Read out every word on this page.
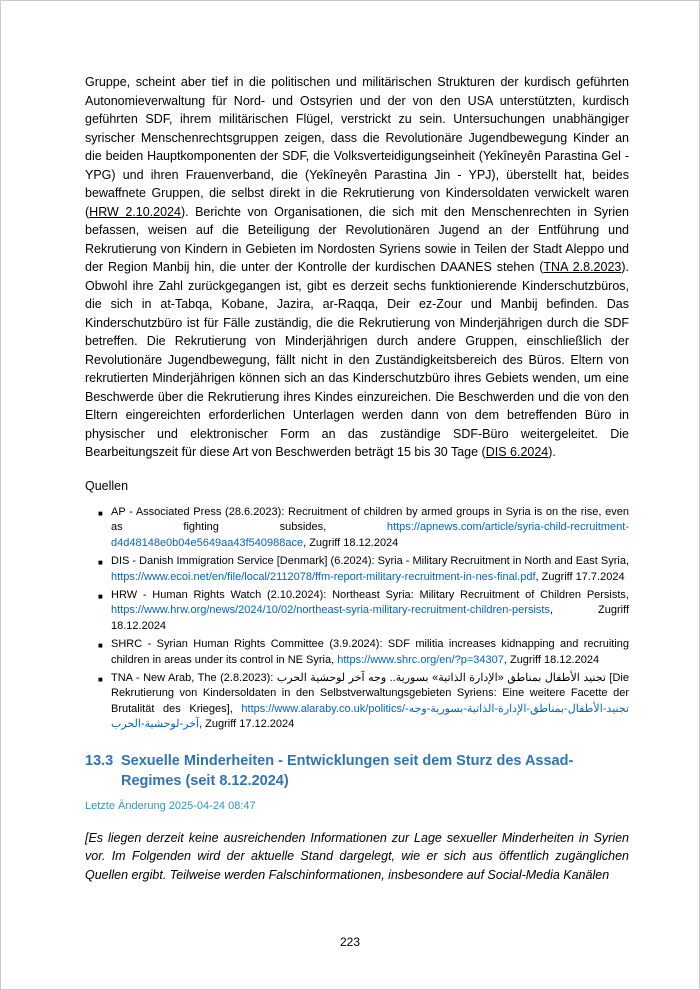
Gruppe, scheint aber tief in die politischen und militärischen Strukturen der kurdisch geführten Autonomieverwaltung für Nord- und Ostsyrien und der von den USA unterstützten, kurdisch geführten SDF, ihrem militärischen Flügel, verstrickt zu sein. Untersuchungen unabhängiger syrischer Menschenrechtsgruppen zeigen, dass die Revolutionäre Jugendbewegung Kinder an die beiden Hauptkomponenten der SDF, die Volksverteidigungseinheit (Yekîneyên Parastina Gel - YPG) und ihren Frauenverband, die (Yekîneyên Parastina Jin - YPJ), überstellt hat, beides bewaffnete Gruppen, die selbst direkt in die Rekrutierung von Kindersoldaten verwickelt waren (HRW 2.10.2024). Berichte von Organisationen, die sich mit den Menschenrechten in Syrien befassen, weisen auf die Beteiligung der Revolutionären Jugend an der Entführung und Rekrutierung von Kindern in Gebieten im Nordosten Syriens sowie in Teilen der Stadt Aleppo und der Region Manbij hin, die unter der Kontrolle der kurdischen DAANES stehen (TNA 2.8.2023). Obwohl ihre Zahl zurückgegangen ist, gibt es derzeit sechs funktionierende Kinderschutzbüros, die sich in at-Tabqa, Kobane, Jazira, ar-Raqqa, Deir ez-Zour und Manbij befinden. Das Kinderschutzbüro ist für Fälle zuständig, die die Rekrutierung von Minderjährigen durch die SDF betreffen. Die Rekrutierung von Minderjährigen durch andere Gruppen, einschließlich der Revolutionäre Jugendbewegung, fällt nicht in den Zuständigkeitsbereich des Büros. Eltern von rekrutierten Minderjährigen können sich an das Kinderschutzbüro ihres Gebiets wenden, um eine Beschwerde über die Rekrutierung ihres Kindes einzureichen. Die Beschwerden und die von den Eltern eingereichten erforderlichen Unterlagen werden dann von dem betreffenden Büro in physischer und elektronischer Form an das zuständige SDF-Büro weitergeleitet. Die Bearbeitungszeit für diese Art von Beschwerden beträgt 15 bis 30 Tage (DIS 6.2024).

Quellen

■ AP - Associated Press (28.6.2023): Recruitment of children by armed groups in Syria is on the rise, even as fighting subsides, https://apnews.com/article/syria-child-recruitment-d4d48148e0b04e5649aa43f540988ace, Zugriff 18.12.2024
■ DIS - Danish Immigration Service [Denmark] (6.2024): Syria - Military Recruitment in North and East Syria, https://www.ecoi.net/en/file/local/2112078/ffm-report-military-recruitment-in-nes-final.pdf, Zugriff 17.7.2024
■ HRW - Human Rights Watch (2.10.2024): Northeast Syria: Military Recruitment of Children Persists, https://www.hrw.org/news/2024/10/02/northeast-syria-military-recruitment-children-persists, Zugriff 18.12.2024
■ SHRC - Syrian Human Rights Committee (3.9.2024): SDF militia increases kidnapping and recruiting children in areas under its control in NE Syria, https://www.shrc.org/en/?p=34307, Zugriff 18.12.2024
■ TNA - New Arab, The (2.8.2023): تجنيد الأطفال بمناطق «الإدارة الذاتية» بسورية.. وجه آخر لوحشية الحرب [Die Rekrutierung von Kindersoldaten in den Selbstverwaltungsgebieten Syriens: Eine weitere Facette der Brutalität des Krieges], https://www.alaraby.co.uk/politics/تجنيد-الأطفال-بمناطق-الإدارة-الذاتية-بسورية-وجه-آخر-لوحشية-الحرب, Zugriff 17.12.2024
13.3 Sexuelle Minderheiten - Entwicklungen seit dem Sturz des Assad-Regimes (seit 8.12.2024)

Letzte Änderung 2025-04-24 08:47

[Es liegen derzeit keine ausreichenden Informationen zur Lage sexueller Minderheiten in Syrien vor. Im Folgenden wird der aktuelle Stand dargelegt, wie er sich aus öffentlich zugänglichen Quellen ergibt. Teilweise werden Falschinformationen, insbesondere auf Social-Media Kanälen

223
